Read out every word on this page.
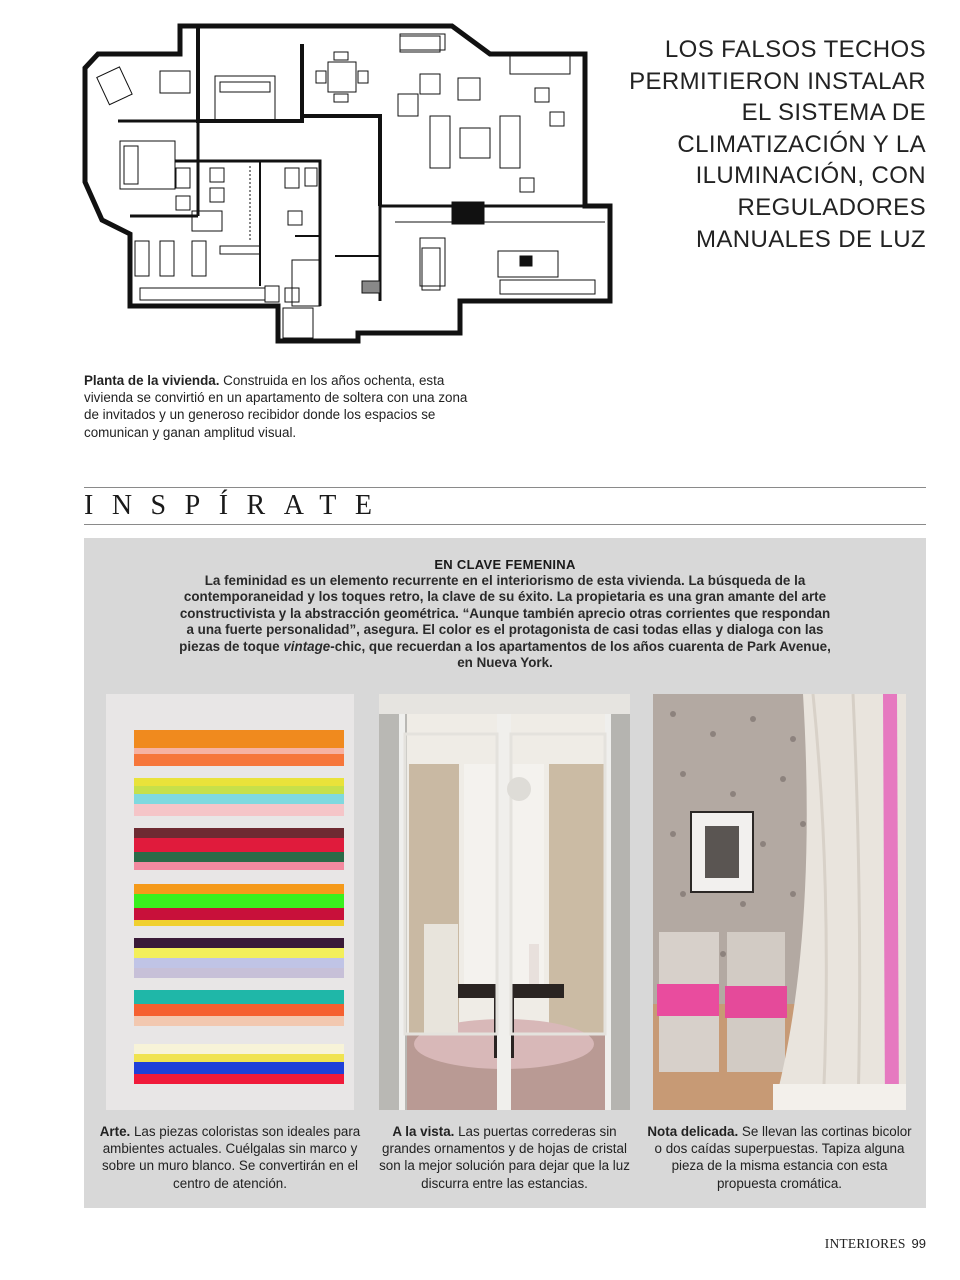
LOS FALSOS TECHOS PERMITIERON INSTALAR EL SISTEMA DE CLIMATIZACIÓN Y LA ILUMINACIÓN, CON REGULADORES MANUALES DE LUZ
Planta de la vivienda. Construida en los años ochenta, esta vivienda se convirtió en un apartamento de soltera con una zona de invitados y un generoso recibidor donde los espacios se comunican y ganan amplitud visual.
INSPÍRATE
EN CLAVE FEMENINA
La feminidad es un elemento recurrente en el interiorismo de esta vivienda. La búsqueda de la contemporaneidad y los toques retro, la clave de su éxito. La propietaria es una gran amante del arte constructivista y la abstracción geométrica. “Aunque también aprecio otras corrientes que respondan a una fuerte personalidad”, asegura. El color es el protagonista de casi todas ellas y dialoga con las piezas de toque vintage-chic, que recuerdan a los apartamentos de los años cuarenta de Park Avenue, en Nueva York.
Arte. Las piezas coloristas son ideales para ambientes actuales. Cuélgalas sin marco y sobre un muro blanco. Se convertirán en el centro de atención.
A la vista. Las puertas correderas sin grandes ornamentos y de hojas de cristal son la mejor solución para dejar que la luz discurra entre las estancias.
Nota delicada. Se llevan las cortinas bicolor o dos caídas superpuestas. Tapiza alguna pieza de la misma estancia con esta propuesta cromática.
INTERIORES 99
